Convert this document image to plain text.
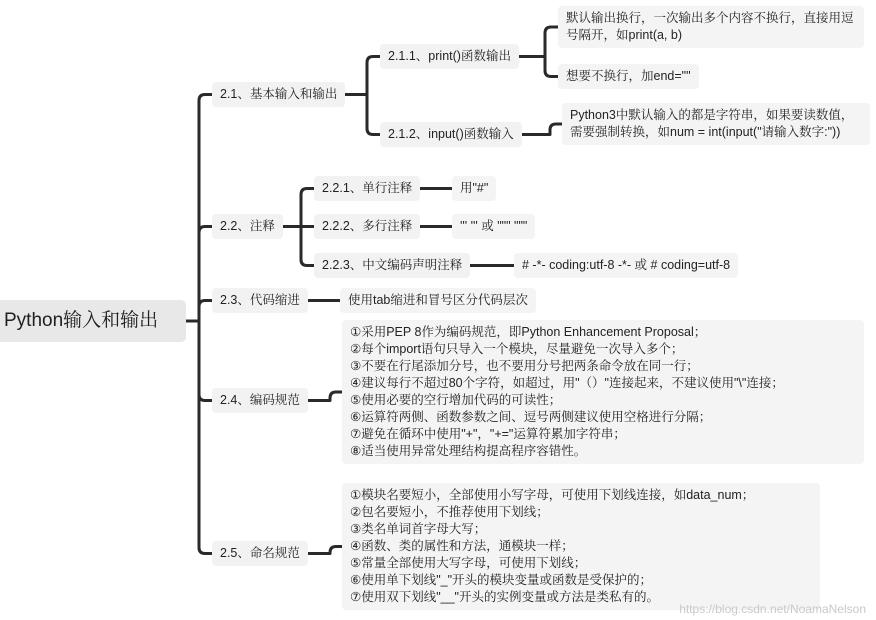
Python输入和输出
2.1、基本输入和输出
2.1.1、print()函数输出
默认输出换行，一次输出多个内容不换行，直接用逗号隔开，如print(a, b)
想要不换行，加end=""
2.1.2、input()函数输入
Python3中默认输入的都是字符串，如果要读数值，需要强制转换，如num = int(input("请输入数字:"))
2.2、注释
2.2.1、单行注释	用"#"
2.2.2、多行注释	''' ''' 或 """ """
2.2.3、中文编码声明注释	# -*- coding:utf-8 -*- 或 # coding=utf-8
2.3、代码缩进	使用tab缩进和冒号区分代码层次
2.4、编码规范
①采用PEP 8作为编码规范，即Python Enhancement Proposal；
②每个import语句只导入一个模块，尽量避免一次导入多个；
③不要在行尾添加分号，也不要用分号把两条命令放在同一行；
④建议每行不超过80个字符，如超过，用"（）"连接起来，不建议使用"\"连接；
⑤使用必要的空行增加代码的可读性；
⑥运算符两侧、函数参数之间、逗号两侧建议使用空格进行分隔；
⑦避免在循环中使用"+"，"+="运算符累加字符串；
⑧适当使用异常处理结构提高程序容错性。
2.5、命名规范
①模块名要短小，全部使用小写字母，可使用下划线连接，如data_num；
②包名要短小，不推荐使用下划线；
③类名单词首字母大写；
④函数、类的属性和方法，通模块一样；
⑤常量全部使用大写字母，可使用下划线；
⑥使用单下划线"_"开头的模块变量或函数是受保护的；
⑦使用双下划线"__"开头的实例变量或方法是类私有的。
https://blog.csdn.net/NoamaNelson
